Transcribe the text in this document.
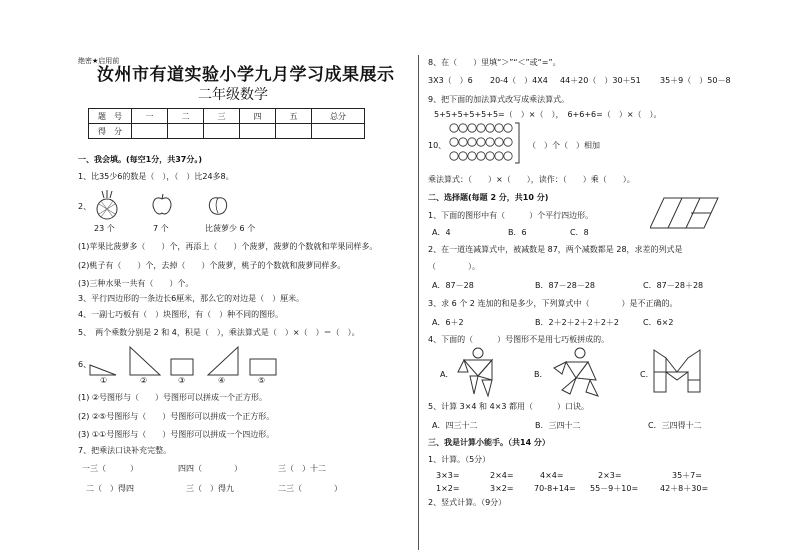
绝密★启用前
汝州市有道实验小学九月学习成果展示
二年级数学
题　号	一	二	三	四	五	总分
得　分						
一、我会填。(每空1分，共37分。)
1、比35少6的数是（　），（　）比24多8。
2、
23 个	7 个	比菠萝少 6 个
(1)苹果比菠萝多（　　）个，再添上（　　）个菠萝，菠萝的个数就和苹果同样多。
(2)桃子有（　　）个，去掉（　　）个菠萝，桃子的个数就和菠萝同样多。
(3)三种水果一共有（　　）个。
3、平行四边形的一条边长6厘米，那么它的对边是（　）厘米。
4、一副七巧板有（　）块图形，有（　）种不同的图形。
5、　两个乘数分别是 2 和 4，积是（　），乘法算式是（　）×（　）＝（　）。
6、
①	②	③	④	⑤
(1) ②号图形与（　　）号图形可以拼成一个正方形。
(2) ②⑤号图形与（　　）号图形可以拼成一个正方形。
(3) ①①号图形与（　　）号图形可以拼成一个四边形。
7、把乘法口诀补充完整。
一三（　　　）	四四（　　　　）	三（　）十二
二（　）得四	三（　）得九	二三（　　　　）
8、在（　　）里填“＞”“＜”或“=”。
3X3（　）6 20-4（　）4X4 44＋20（　）30＋51 35＋9（　）50－8
9、把下面的加法算式改写成乘法算式。
5+5+5+5+5+5=（　）×（　），　6+6+6=（　）×（　）。
10、	（　）个（　）相加
乘法算式：（　　）×（　　），读作：（　　）乘（　　）。
二、选择题(每题 2 分，共10 分)
1、下面的图形中有（　　　）个平行四边形。
A．4	B．6	C．8
2、在一道连减算式中，被减数是 87，两个减数都是 28，求差的列式是
（　　　　）。
A．87－28	B．87－28－28	C．87－28＋28
3、求 6 个 2 连加的和是多少，下列算式中（　　　　）是不正确的。
A．6＋2	B．2＋2＋2＋2＋2＋2	C．6×2
4、下面的（　　　）号图形不是用七巧板拼成的。
A．	B．	C．
5、计算 3×4 和 4×3 都用（　　　）口诀。
A．四三十二	B．三四十二	C．三四得十二
三、我是计算小能手。（共14 分）
1、计算。（5分）
3×3=	2×4=	4×4=	2×3=	35＋7=
1×2=	3×2=	70-8+14= 55－9＋10=	42＋8＋30=
2、竖式计算。（9分）
